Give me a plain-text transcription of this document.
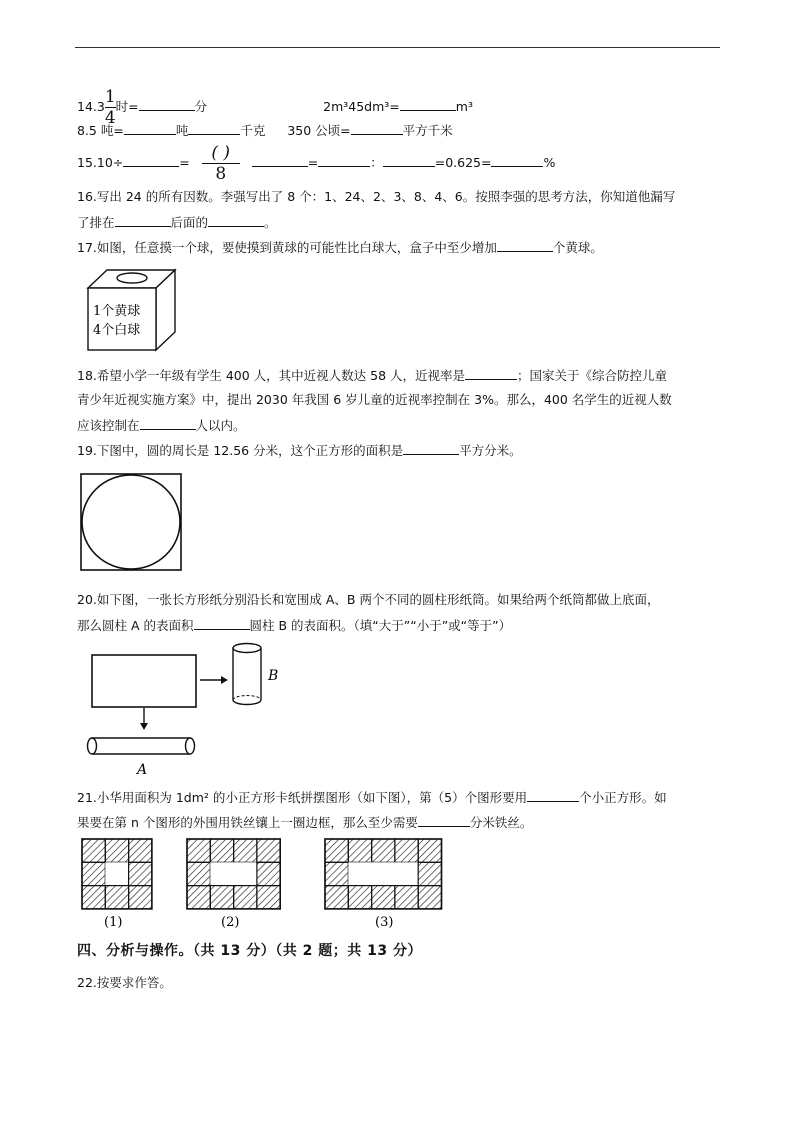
$14.3 \frac{1}{4}$ 时=	分	2m³45dm³=	m³
8.5 吨=	吨	千克 350 公顷=	平方千米
15.10÷	= $\frac{( )}{8}$	=	：	=0.625=	%
16.写出 24 的所有因数。李强写出了 8 个：1、24、2、3、8、4、6。按照李强的思考方法，你知道他漏写
了排在	后面的	。
17.如图，任意摸一个球，要使摸到黄球的可能性比白球大，盒子中至少增加	个黄球。
1个黄球
4个白球
18.希望小学一年级有学生 400 人，其中近视人数达 58 人，近视率是	；国家关于《综合防控儿童
青少年近视实施方案》中，提出 2030 年我国 6 岁儿童的近视率控制在 3%。那么，400 名学生的近视人数
应该控制在	人以内。
19.下图中，圆的周长是 12.56 分米，这个正方形的面积是	平方分米。
20.如下图，一张长方形纸分别沿长和宽围成 A、B 两个不同的圆柱形纸筒。如果给两个纸筒都做上底面，
那么圆柱 A 的表面积	圆柱 B 的表面积。（填“大于”“小于”或“等于”）
B
A
21.小华用面积为 1dm² 的小正方形卡纸拼摆图形（如下图），第（5）个图形要用	个小正方形。如
果要在第 n 个图形的外围用铁丝镶上一圈边框，那么至少需要	分米铁丝。
(1)	(2)	(3)
四、分析与操作。（共 13 分）（共 2 题；共 13 分）
22.按要求作答。
